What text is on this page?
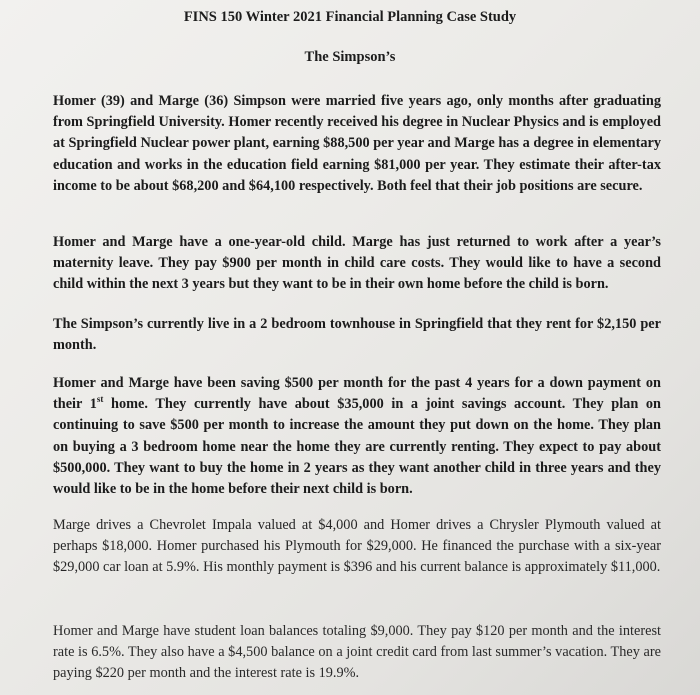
FINS 150 Winter 2021 Financial Planning Case Study
The Simpson’s

Homer (39) and Marge (36) Simpson were married five years ago, only months after graduating from Springfield University. Homer recently received his degree in Nuclear Physics and is employed at Springfield Nuclear power plant, earning $88,500 per year and Marge has a degree in elementary education and works in the education field earning $81,000 per year. They estimate their after-tax income to be about $68,200 and $64,100 respectively. Both feel that their job positions are secure.

Homer and Marge have a one-year-old child. Marge has just returned to work after a year’s maternity leave. They pay $900 per month in child care costs. They would like to have a second child within the next 3 years but they want to be in their own home before the child is born.

The Simpson’s currently live in a 2 bedroom townhouse in Springfield that they rent for $2,150 per month.

Homer and Marge have been saving $500 per month for the past 4 years for a down payment on their 1st home. They currently have about $35,000 in a joint savings account. They plan on continuing to save $500 per month to increase the amount they put down on the home. They plan on buying a 3 bedroom home near the home they are currently renting. They expect to pay about $500,000. They want to buy the home in 2 years as they want another child in three years and they would like to be in the home before their next child is born.

Marge drives a Chevrolet Impala valued at $4,000 and Homer drives a Chrysler Plymouth valued at perhaps $18,000. Homer purchased his Plymouth for $29,000. He financed the purchase with a six-year $29,000 car loan at 5.9%. His monthly payment is $396 and his current balance is approximately $11,000.

Homer and Marge have student loan balances totaling $9,000. They pay $120 per month and the interest rate is 6.5%. They also have a $4,500 balance on a joint credit card from last summer’s vacation. They are paying $220 per month and the interest rate is 19.9%.
